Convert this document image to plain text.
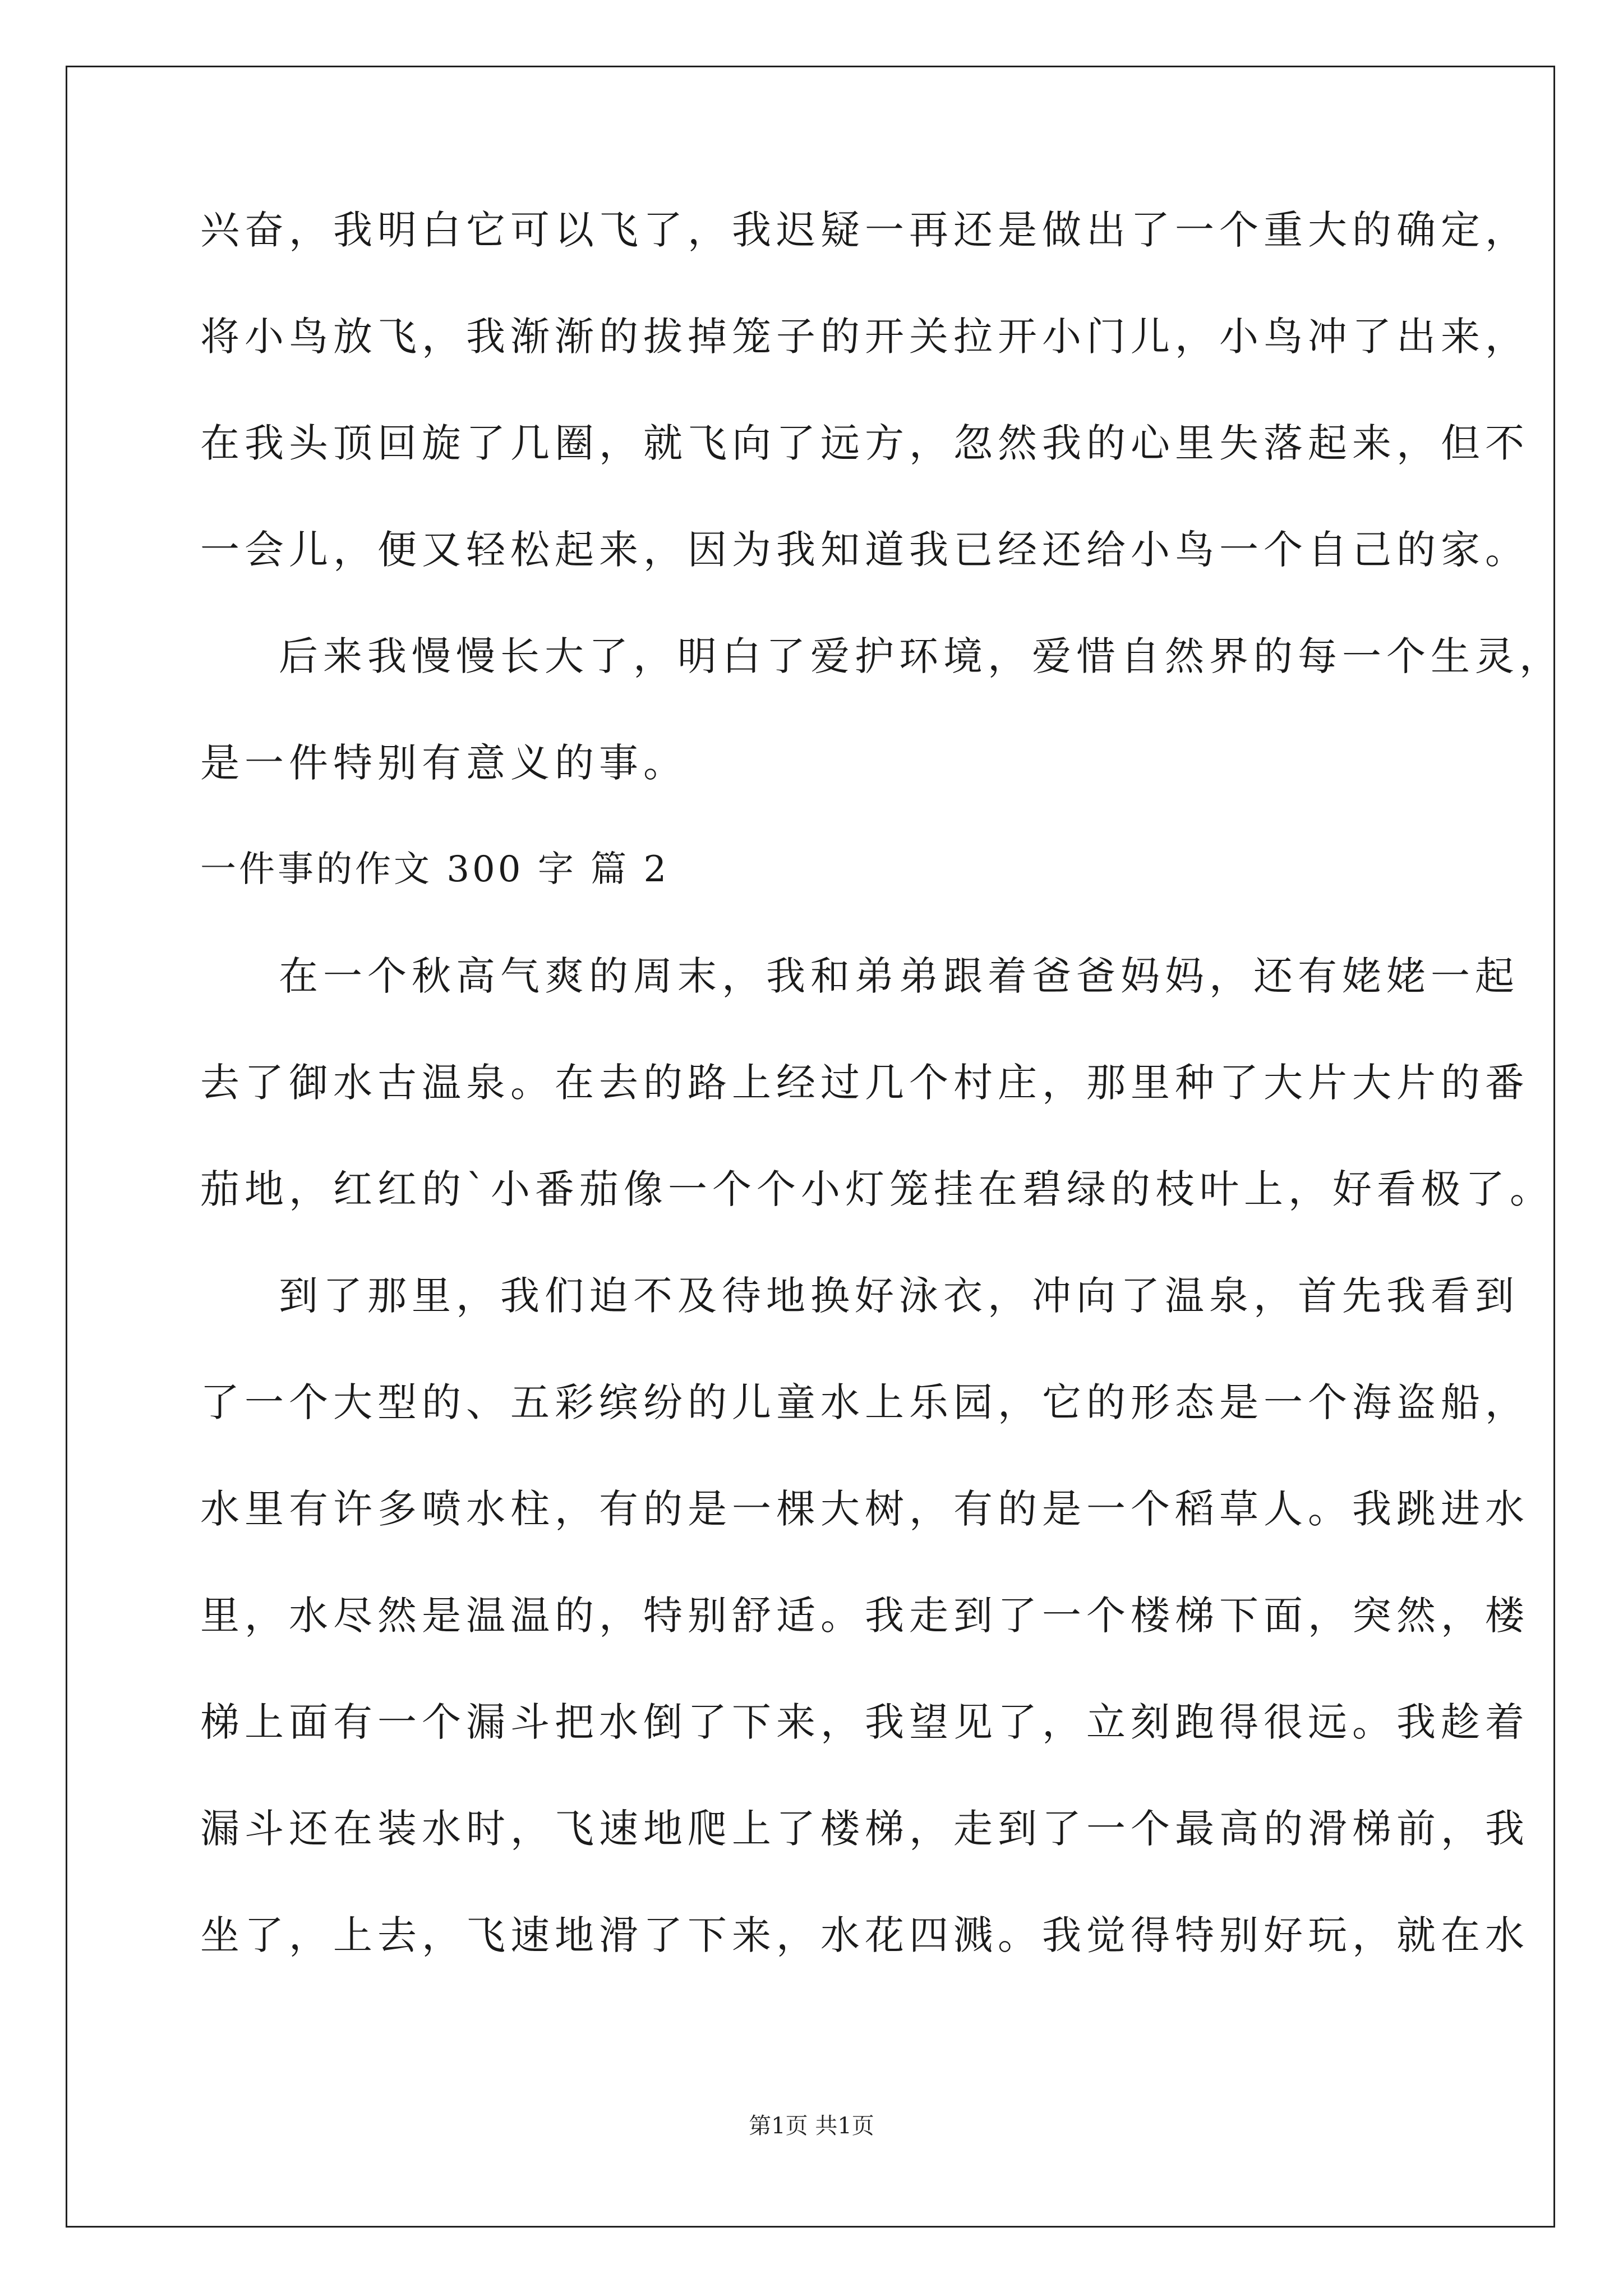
兴奋，我明白它可以飞了，我迟疑一再还是做出了一个重大的确定，
将小鸟放飞，我渐渐的拔掉笼子的开关拉开小门儿，小鸟冲了出来，
在我头顶回旋了几圈，就飞向了远方，忽然我的心里失落起来，但不
一会儿，便又轻松起来，因为我知道我已经还给小鸟一个自己的家。
后来我慢慢长大了，明白了爱护环境，爱惜自然界的每一个生灵，
是一件特别有意义的事。
一件事的作文 300 字 篇 2
在一个秋高气爽的周末，我和弟弟跟着爸爸妈妈，还有姥姥一起
去了御水古温泉。在去的路上经过几个村庄，那里种了大片大片的番
茄地，红红的`小番茄像一个个小灯笼挂在碧绿的枝叶上，好看极了。
到了那里，我们迫不及待地换好泳衣，冲向了温泉，首先我看到
了一个大型的、五彩缤纷的儿童水上乐园，它的形态是一个海盗船，
水里有许多喷水柱，有的是一棵大树，有的是一个稻草人。我跳进水
里，水尽然是温温的，特别舒适。我走到了一个楼梯下面，突然，楼
梯上面有一个漏斗把水倒了下来，我望见了，立刻跑得很远。我趁着
漏斗还在装水时，飞速地爬上了楼梯，走到了一个最高的滑梯前，我
坐了，上去，飞速地滑了下来，水花四溅。我觉得特别好玩，就在水
第1页 共1页
